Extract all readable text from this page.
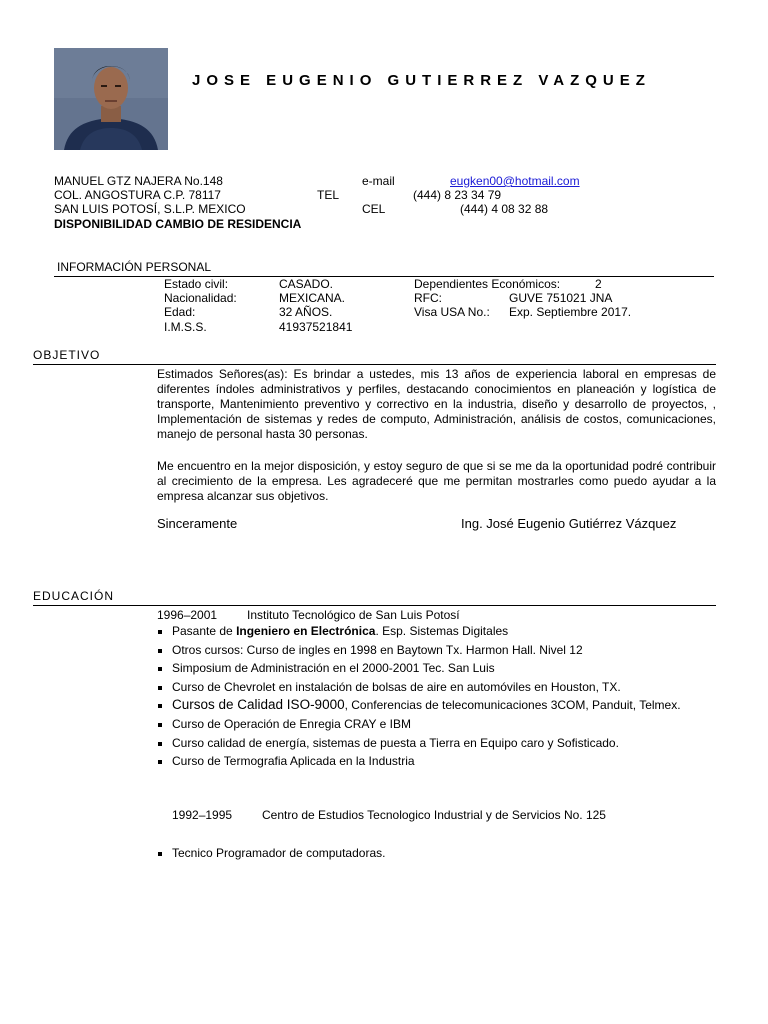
JOSE EUGENIO GUTIERREZ VAZQUEZ
MANUEL GTZ NAJERA No.148
COL. ANGOSTURA C.P. 78117
SAN LUIS POTOSÍ, S.L.P. MEXICO
DISPONIBILIDAD CAMBIO DE RESIDENCIA
e-mail	eugken00@hotmail.com
TEL	(444) 8 23 34 79
CEL	(444) 4 08 32 88
INFORMACIÓN PERSONAL
Estado civil:	CASADO.	Dependientes Económicos:	2
Nacionalidad:	MEXICANA.	RFC:	GUVE 751021 JNA
Edad:	32 AÑOS.	Visa USA No.: Exp. Septiembre 2017.
I.M.S.S.	41937521841
OBJETIVO
Estimados Señores(as): Es brindar a ustedes, mis 13 años de experiencia laboral en empresas de diferentes índoles administrativos y perfiles, destacando conocimientos en planeación y logística de transporte, Mantenimiento preventivo y correctivo en la industria, diseño y desarrollo de proyectos, , Implementación de sistemas y redes de computo, Administración, análisis de costos, comunicaciones, manejo de personal hasta 30 personas.
Me encuentro en la mejor disposición, y estoy seguro de que si se me da la oportunidad podré contribuir al crecimiento de la empresa. Les agradeceré que me permitan mostrarles como puedo ayudar a la empresa alcanzar sus objetivos.
Sinceramente	Ing. José Eugenio Gutiérrez Vázquez
EDUCACIÓN
1996–2001 Instituto Tecnológico de San Luis Potosí
Pasante de Ingeniero en Electrónica. Esp. Sistemas Digitales
Otros cursos: Curso de ingles en 1998 en Baytown Tx. Harmon Hall. Nivel 12
Simposium de Administración en el 2000-2001 Tec. San Luis
Curso de Chevrolet en instalación de bolsas de aire en automóviles en Houston, TX.
Cursos de Calidad ISO-9000, Conferencias de telecomunicaciones 3COM, Panduit, Telmex.
Curso de Operación de Enregia CRAY e IBM
Curso calidad de energía, sistemas de puesta a Tierra en Equipo caro y Sofisticado.
Curso de Termografia Aplicada en la Industria
1992–1995 Centro de Estudios Tecnologico Industrial y de Servicios No. 125
Tecnico Programador de computadoras.
